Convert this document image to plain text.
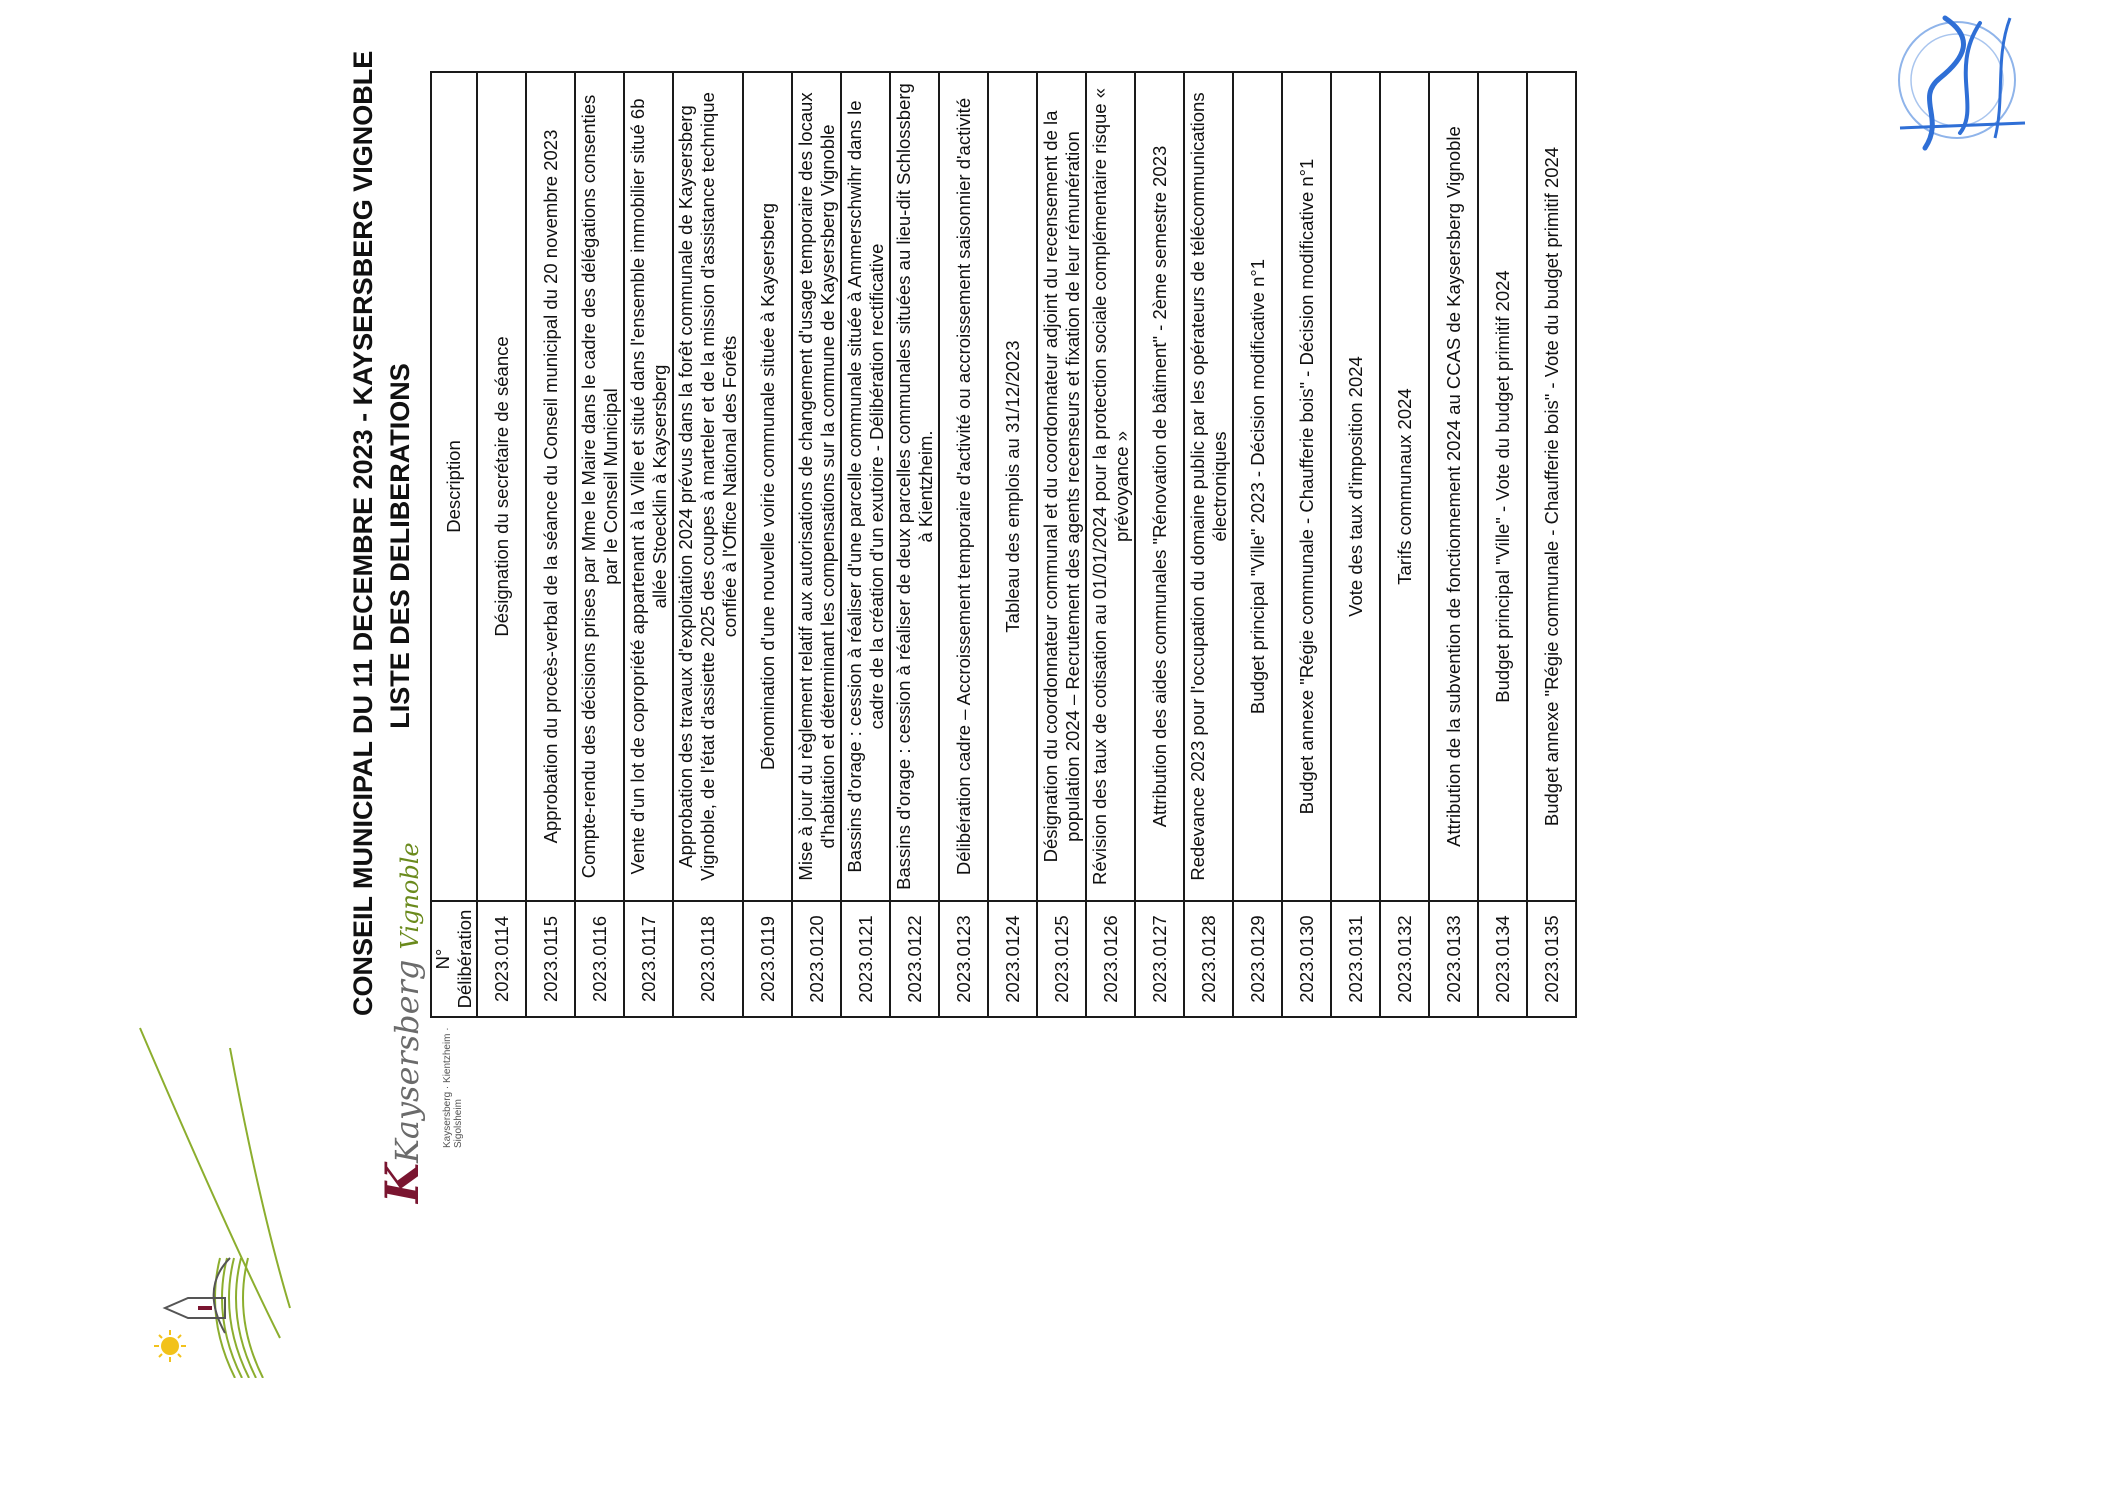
KKaysersberg Vignoble
Kaysersberg · Kientzheim · Sigolsheim
CONSEIL MUNICIPAL DU 11 DECEMBRE 2023 - KAYSERSBERG VIGNOBLE LISTE DES DELIBERATIONS
N° Délibération	Description
2023.0114	Désignation du secrétaire de séance
2023.0115	Approbation du procès-verbal de la séance du Conseil municipal du 20 novembre 2023
2023.0116	Compte-rendu des décisions prises par Mme le Maire dans le cadre des délégations consenties par le Conseil Municipal
2023.0117	Vente d'un lot de copropriété appartenant à la Ville et situé dans l'ensemble immobilier situé 6b allée Stoecklin à Kaysersberg
2023.0118	Approbation des travaux d'exploitation 2024 prévus dans la forêt communale de Kaysersberg Vignoble, de l'état d'assiette 2025 des coupes à marteler et de la mission d'assistance technique confiée à l'Office National des Forêts
2023.0119	Dénomination d'une nouvelle voirie communale située à Kaysersberg
2023.0120	Mise à jour du règlement relatif aux autorisations de changement d'usage temporaire des locaux d'habitation et déterminant les compensations sur la commune de Kaysersberg Vignoble
2023.0121	Bassins d'orage : cession à réaliser d'une parcelle communale située à Ammerschwihr dans le cadre de la création d'un exutoire - Délibération rectificative
2023.0122	Bassins d'orage : cession à réaliser de deux parcelles communales situées au lieu-dit Schlossberg à Kientzheim.
2023.0123	Délibération cadre – Accroissement temporaire d'activité ou accroissement saisonnier d'activité
2023.0124	Tableau des emplois au 31/12/2023
2023.0125	Désignation du coordonnateur communal et du coordonnateur adjoint du recensement de la population 2024 – Recrutement des agents recenseurs et fixation de leur rémunération
2023.0126	Révision des taux de cotisation au 01/01/2024 pour la protection sociale complémentaire risque « prévoyance »
2023.0127	Attribution des aides communales "Rénovation de bâtiment" - 2ème semestre 2023
2023.0128	Redevance 2023 pour l'occupation du domaine public par les opérateurs de télécommunications électroniques
2023.0129	Budget principal "Ville" 2023 - Décision modificative n°1
2023.0130	Budget annexe "Régie communale - Chaufferie bois" - Décision modificative n°1
2023.0131	Vote des taux d'imposition 2024
2023.0132	Tarifs communaux 2024
2023.0133	Attribution de la subvention de fonctionnement 2024 au CCAS de Kaysersberg Vignoble
2023.0134	Budget principal "Ville" - Vote du budget primitif 2024
2023.0135	Budget annexe "Régie communale - Chaufferie bois" - Vote du budget primitif 2024
